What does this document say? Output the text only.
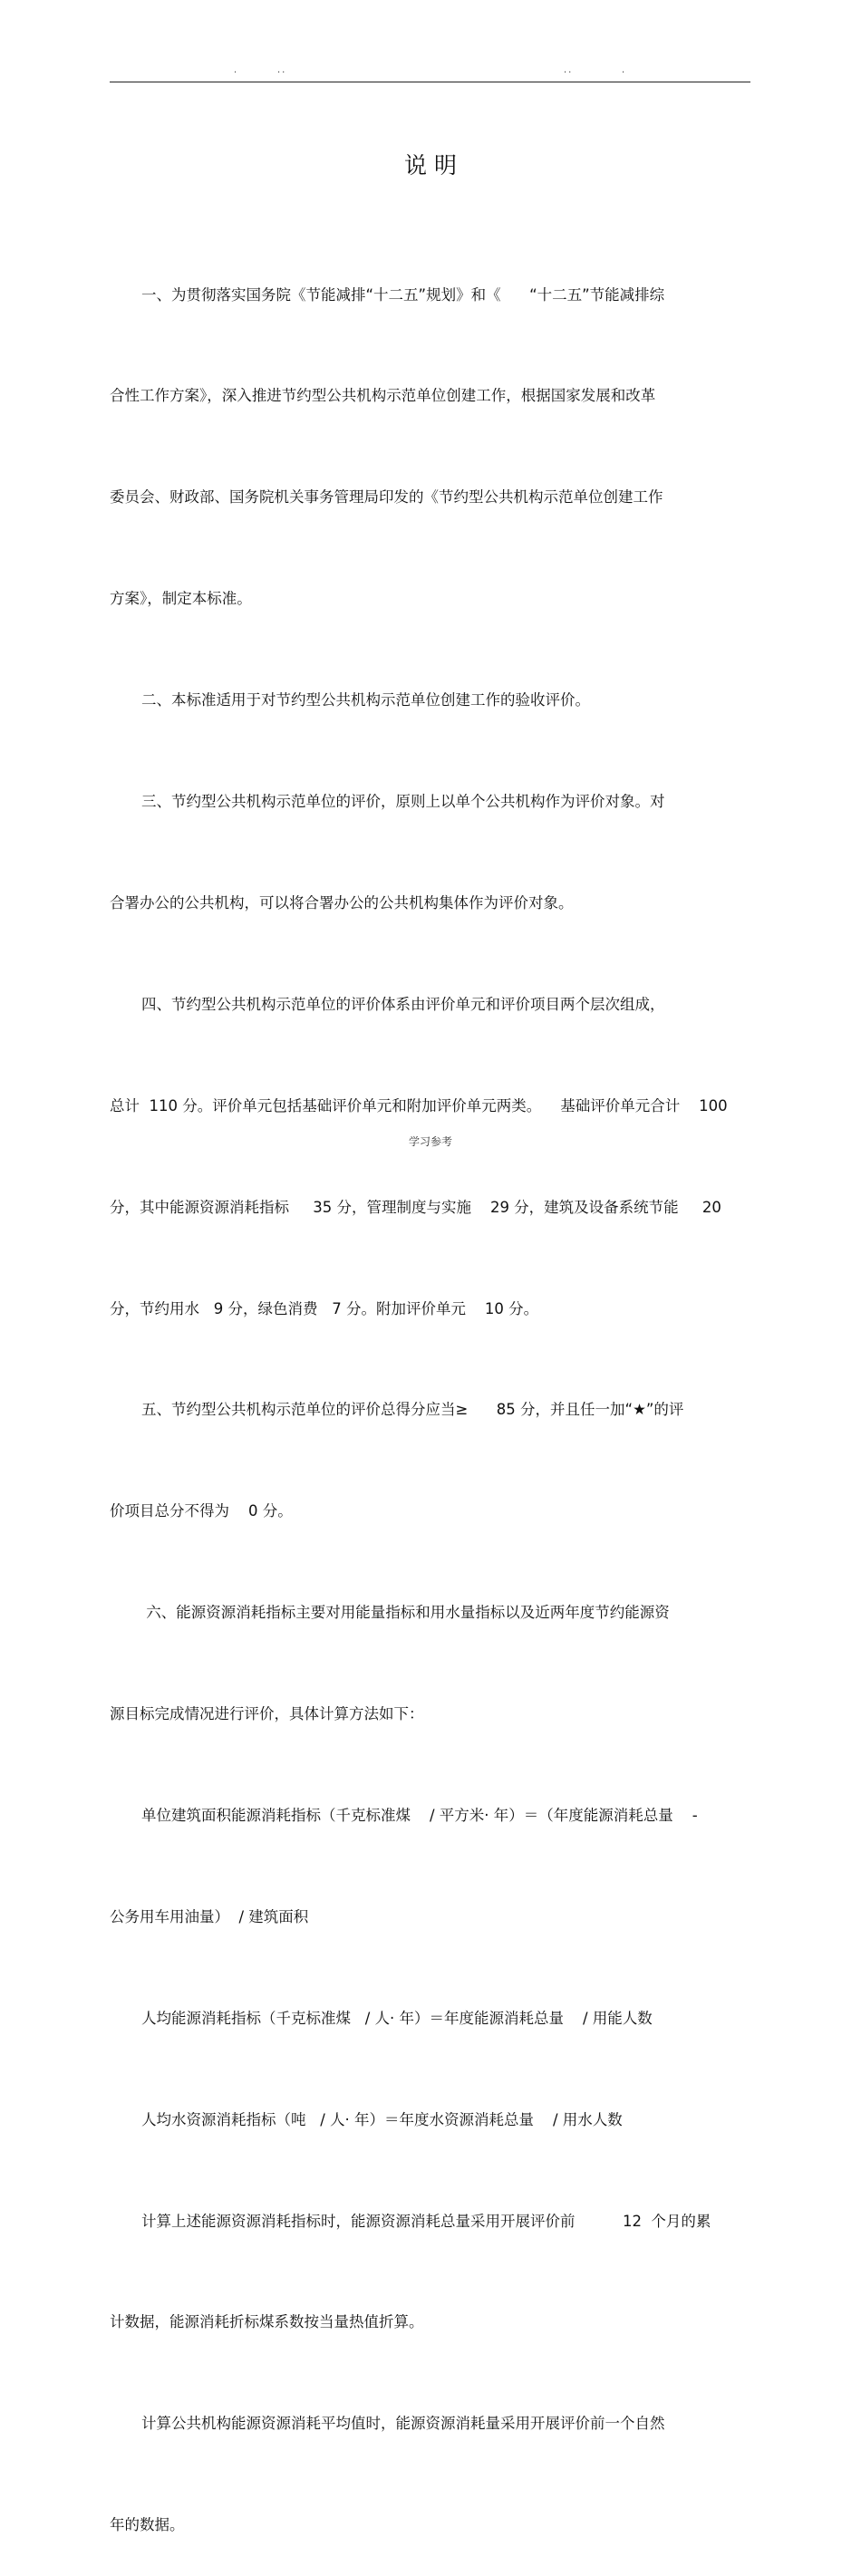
.	..	..	.
说 明

一、为贯彻落实国务院《节能减排“十二五”规划》和《      “十二五”节能减排综

合性工作方案》，深入推进节约型公共机构示范单位创建工作，根据国家发展和改革

委员会、财政部、国务院机关事务管理局印发的《节约型公共机构示范单位创建工作

方案》，制定本标准。

二、本标准适用于对节约型公共机构示范单位创建工作的验收评价。

三、节约型公共机构示范单位的评价，原则上以单个公共机构作为评价对象。对

合署办公的公共机构，可以将合署办公的公共机构集体作为评价对象。

四、节约型公共机构示范单位的评价体系由评价单元和评价项目两个层次组成，

总计  110 分。评价单元包括基础评价单元和附加评价单元两类。    基础评价单元合计    100

分，其中能源资源消耗指标     35 分，管理制度与实施    29 分，建筑及设备系统节能     20

分，节约用水   9 分，绿色消费   7 分。附加评价单元    10 分。

五、节约型公共机构示范单位的评价总得分应当≥      85 分，并且任一加“★”的评

价项目总分不得为    0 分。

六、能源资源消耗指标主要对用能量指标和用水量指标以及近两年度节约能源资

源目标完成情况进行评价，具体计算方法如下：

单位建筑面积能源消耗指标（千克标准煤    / 平方米· 年）＝（年度能源消耗总量    -

公务用车用油量）  / 建筑面积

人均能源消耗指标（千克标准煤   / 人· 年）＝年度能源消耗总量    / 用能人数

人均水资源消耗指标（吨   / 人· 年）＝年度水资源消耗总量    / 用水人数

计算上述能源资源消耗指标时，能源资源消耗总量采用开展评价前          12  个月的累

计数据，能源消耗折标煤系数按当量热值折算。

计算公共机构能源资源消耗平均值时，能源资源消耗量采用开展评价前一个自然

年的数据。

学习参考
